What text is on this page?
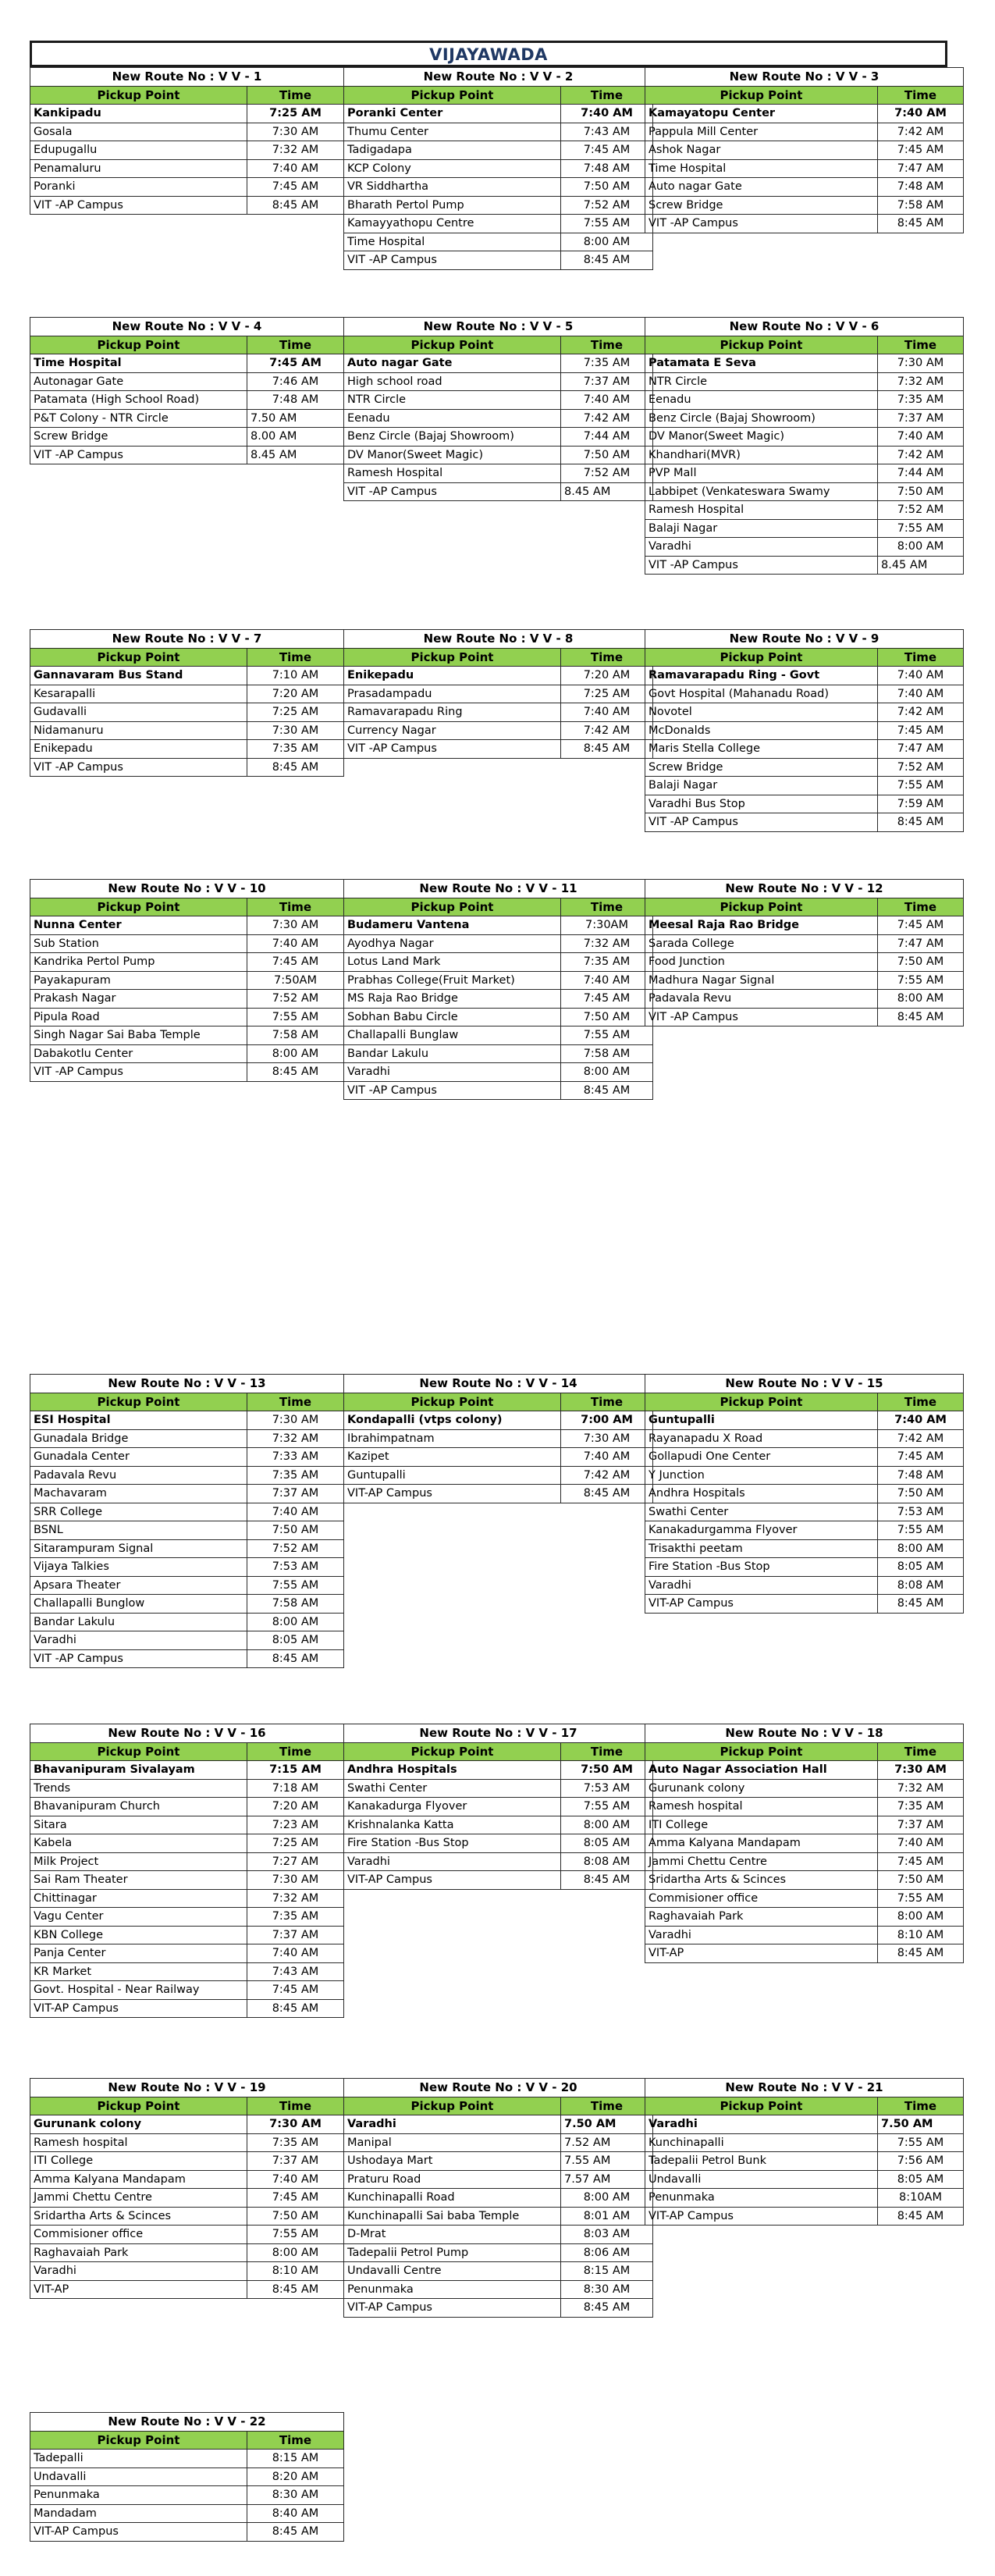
VIJAYAWADA
New Route No : V V - 1	
Pickup Point	Time
Kankipadu	7:25 AM
Gosala	7:30 AM
Edupugallu	7:32 AM
Penamaluru	7:40 AM
Poranki	7:45 AM
VIT -AP Campus	8:45 AM
New Route No : V V - 2	
Pickup Point	Time
Poranki Center	7:40 AM
Thumu Center	7:43 AM
Tadigadapa	7:45 AM
KCP Colony	7:48 AM
VR Siddhartha	7:50 AM
Bharath Pertol Pump	7:52 AM
Kamayyathopu Centre	7:55 AM
Time Hospital	8:00 AM
VIT -AP Campus	8:45 AM
New Route No : V V - 3	
Pickup Point	Time
Kamayatopu Center	7:40 AM
Pappula Mill Center	7:42 AM
Ashok Nagar	7:45 AM
Time Hospital	7:47 AM
Auto nagar Gate	7:48 AM
Screw Bridge	7:58 AM
VIT -AP Campus	8:45 AM
New Route No : V V - 4	
Pickup Point	Time
Time Hospital	7:45 AM
Autonagar Gate	7:46 AM
Patamata (High School Road)	7:48 AM
P&T Colony - NTR Circle	7.50 AM
Screw Bridge	8.00 AM
VIT -AP Campus	8.45 AM
New Route No : V V - 5	
Pickup Point	Time
Auto nagar Gate	7:35 AM
High school road	7:37 AM
NTR Circle	7:40 AM
Eenadu	7:42 AM
Benz Circle (Bajaj Showroom)	7:44 AM
DV Manor(Sweet Magic)	7:50 AM
Ramesh Hospital	7:52 AM
VIT -AP Campus	8.45 AM
New Route No : V V - 6	
Pickup Point	Time
Patamata E Seva	7:30 AM
NTR Circle	7:32 AM
Eenadu	7:35 AM
Benz Circle (Bajaj Showroom)	7:37 AM
DV Manor(Sweet Magic)	7:40 AM
Khandhari(MVR)	7:42 AM
PVP Mall	7:44 AM
Labbipet (Venkateswara Swamy	7:50 AM
Ramesh Hospital	7:52 AM
Balaji Nagar	7:55 AM
Varadhi	8:00 AM
VIT -AP Campus	8.45 AM
New Route No : V V - 7	
Pickup Point	Time
Gannavaram Bus Stand	7:10 AM
Kesarapalli	7:20 AM
Gudavalli	7:25 AM
Nidamanuru	7:30 AM
Enikepadu	7:35 AM
VIT -AP Campus	8:45 AM
New Route No : V V - 8	
Pickup Point	Time
Enikepadu	7:20 AM
Prasadampadu	7:25 AM
Ramavarapadu Ring	7:40 AM
Currency Nagar	7:42 AM
VIT -AP Campus	8:45 AM
New Route No : V V - 9	
Pickup Point	Time
Ramavarapadu Ring - Govt	7:40 AM
Govt Hospital (Mahanadu Road)	7:40 AM
Novotel	7:42 AM
McDonalds	7:45 AM
Maris Stella College	7:47 AM
Screw Bridge	7:52 AM
Balaji Nagar	7:55 AM
Varadhi Bus Stop	7:59 AM
VIT -AP Campus	8:45 AM
New Route No : V V - 10	
Pickup Point	Time
Nunna Center	7:30 AM
Sub Station	7:40 AM
Kandrika Pertol Pump	7:45 AM
Payakapuram	7:50AM
Prakash Nagar	7:52 AM
Pipula Road	7:55 AM
Singh Nagar Sai Baba Temple	7:58 AM
Dabakotlu Center	8:00 AM
VIT -AP Campus	8:45 AM
New Route No : V V - 11	
Pickup Point	Time
Budameru Vantena	7:30AM
Ayodhya Nagar	7:32 AM
Lotus Land Mark	7:35 AM
Prabhas College(Fruit Market)	7:40 AM
MS Raja Rao Bridge	7:45 AM
Sobhan Babu Circle	7:50 AM
Challapalli Bunglaw	7:55 AM
Bandar Lakulu	7:58 AM
Varadhi	8:00 AM
VIT -AP Campus	8:45 AM
New Route No : V V - 12	
Pickup Point	Time
Meesal Raja Rao Bridge	7:45 AM
Sarada College	7:47 AM
Food Junction	7:50 AM
Madhura Nagar Signal	7:55 AM
Padavala Revu	8:00 AM
VIT -AP Campus	8:45 AM
New Route No : V V - 13	
Pickup Point	Time
ESI Hospital	7:30 AM
Gunadala Bridge	7:32 AM
Gunadala Center	7:33 AM
Padavala Revu	7:35 AM
Machavaram	7:37 AM
SRR College	7:40 AM
BSNL	7:50 AM
Sitarampuram Signal	7:52 AM
Vijaya Talkies	7:53 AM
Apsara Theater	7:55 AM
Challapalli Bunglow	7:58 AM
Bandar Lakulu	8:00 AM
Varadhi	8:05 AM
VIT -AP Campus	8:45 AM
New Route No : V V - 14	
Pickup Point	Time
Kondapalli (vtps colony)	7:00 AM
Ibrahimpatnam	7:30 AM
Kazipet	7:40 AM
Guntupalli	7:42 AM
VIT-AP Campus	8:45 AM
New Route No : V V - 15	
Pickup Point	Time
Guntupalli	7:40 AM
Rayanapadu X Road	7:42 AM
Gollapudi One Center	7:45 AM
Y Junction	7:48 AM
Andhra Hospitals	7:50 AM
Swathi Center	7:53 AM
Kanakadurgamma Flyover	7:55 AM
Trisakthi peetam	8:00 AM
Fire Station -Bus Stop	8:05 AM
Varadhi	8:08 AM
VIT-AP Campus	8:45 AM
New Route No : V V - 16	
Pickup Point	Time
Bhavanipuram Sivalayam	7:15 AM
Trends	7:18 AM
Bhavanipuram Church	7:20 AM
Sitara	7:23 AM
Kabela	7:25 AM
Milk Project	7:27 AM
Sai Ram Theater	7:30 AM
Chittinagar	7:32 AM
Vagu Center	7:35 AM
KBN College	7:37 AM
Panja Center	7:40 AM
KR Market	7:43 AM
Govt. Hospital - Near Railway	7:45 AM
VIT-AP Campus	8:45 AM
New Route No : V V - 17	
Pickup Point	Time
Andhra Hospitals	7:50 AM
Swathi Center	7:53 AM
Kanakadurga Flyover	7:55 AM
Krishnalanka Katta	8:00 AM
Fire Station -Bus Stop	8:05 AM
Varadhi	8:08 AM
VIT-AP Campus	8:45 AM
New Route No : V V - 18	
Pickup Point	Time
Auto Nagar Association Hall	7:30 AM
Gurunank colony	7:32 AM
Ramesh hospital	7:35 AM
ITI College	7:37 AM
Amma Kalyana Mandapam	7:40 AM
Jammi Chettu Centre	7:45 AM
Sridartha Arts & Scinces	7:50 AM
Commisioner office	7:55 AM
Raghavaiah Park	8:00 AM
Varadhi	8:10 AM
VIT-AP	8:45 AM
New Route No : V V - 19	
Pickup Point	Time
Gurunank colony	7:30 AM
Ramesh hospital	7:35 AM
ITI College	7:37 AM
Amma Kalyana Mandapam	7:40 AM
Jammi Chettu Centre	7:45 AM
Sridartha Arts & Scinces	7:50 AM
Commisioner office	7:55 AM
Raghavaiah Park	8:00 AM
Varadhi	8:10 AM
VIT-AP	8:45 AM
New Route No : V V - 20	
Pickup Point	Time
Varadhi	7.50 AM
Manipal	7.52 AM
Ushodaya Mart	7.55 AM
Praturu Road	7.57 AM
Kunchinapalli Road	8:00 AM
Kunchinapalli Sai baba Temple	8:01 AM
D-Mrat	8:03 AM
Tadepalii Petrol Pump	8:06 AM
Undavalli Centre	8:15 AM
Penunmaka	8:30 AM
VIT-AP Campus	8:45 AM
New Route No : V V - 21	
Pickup Point	Time
Varadhi	7.50 AM
Kunchinapalli	7:55 AM
Tadepalii Petrol Bunk	7:56 AM
Undavalli	8:05 AM
Penunmaka	8:10AM
VIT-AP Campus	8:45 AM
New Route No : V V - 22	
Pickup Point	Time
Tadepalli	8:15 AM
Undavalli	8:20 AM
Penunmaka	8:30 AM
Mandadam	8:40 AM
VIT-AP Campus	8:45 AM
